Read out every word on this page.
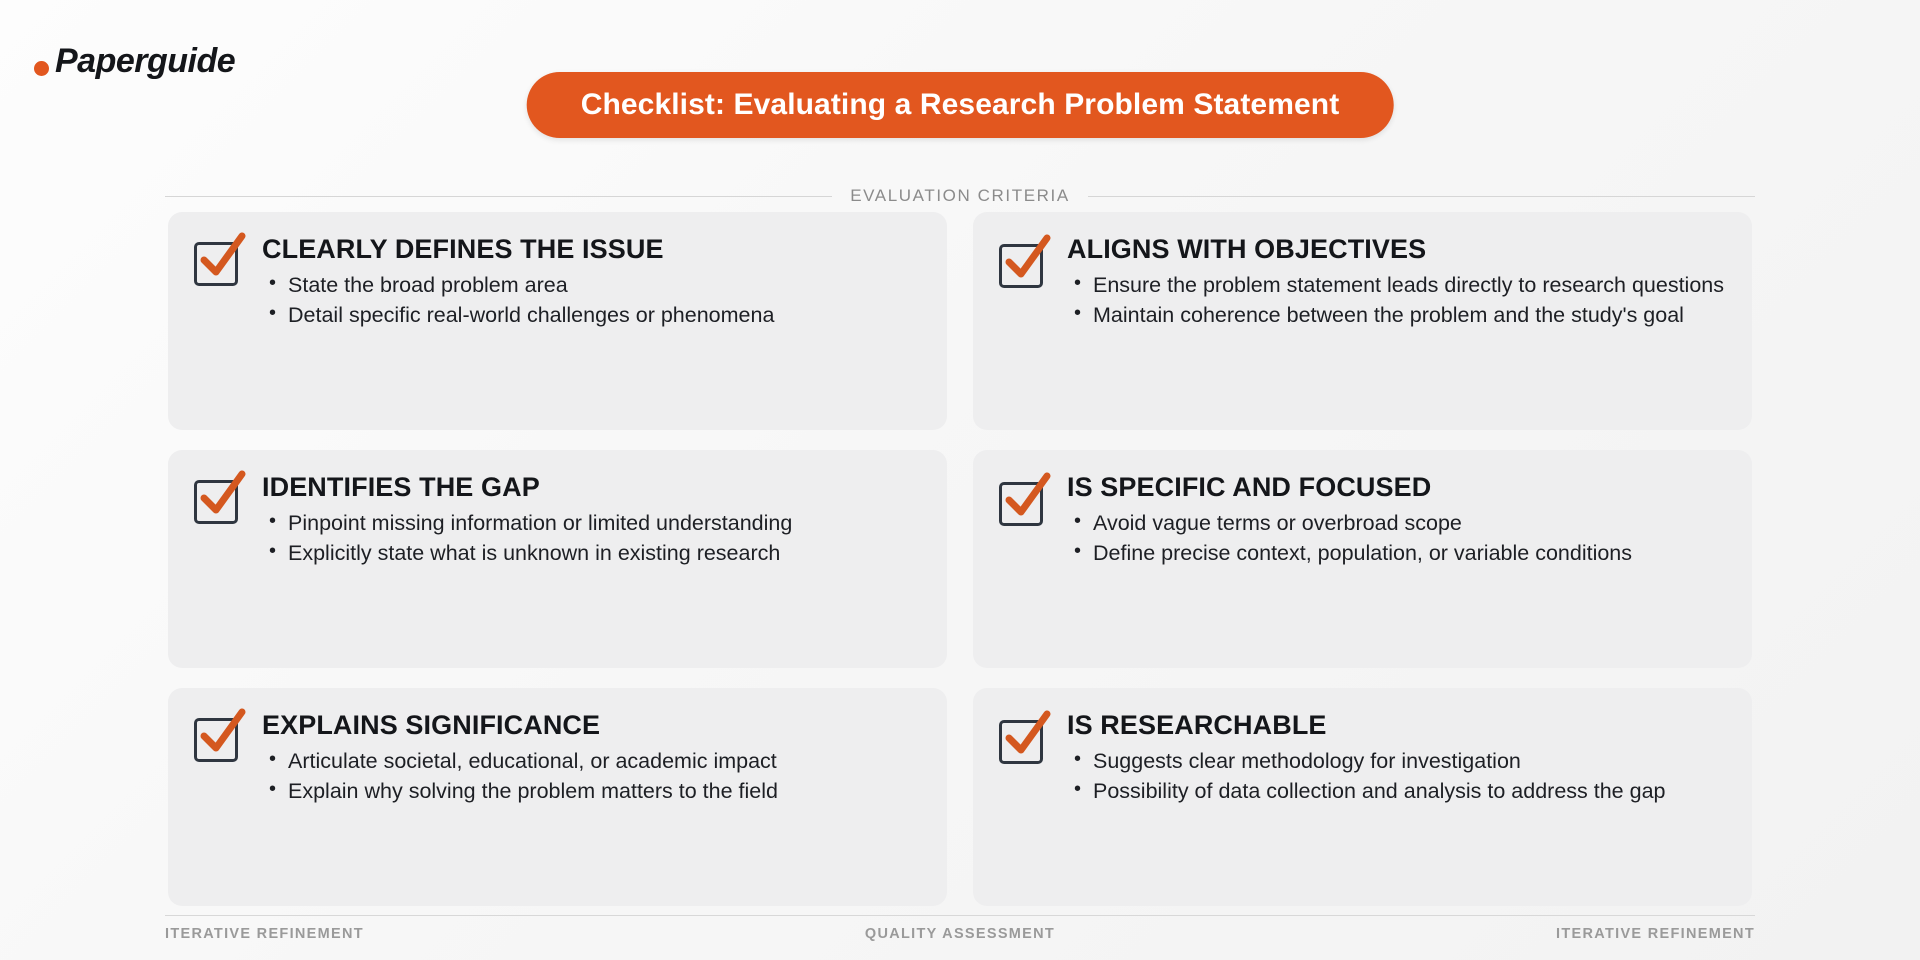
Paperguide
Checklist: Evaluating a Research Problem Statement
EVALUATION CRITERIA
CLEARLY DEFINES THE ISSUE
• State the broad problem area
• Detail specific real-world challenges or phenomena
ALIGNS WITH OBJECTIVES
• Ensure the problem statement leads directly to research questions
• Maintain coherence between the problem and the study's goal
IDENTIFIES THE GAP
• Pinpoint missing information or limited understanding
• Explicitly state what is unknown in existing research
IS SPECIFIC AND FOCUSED
• Avoid vague terms or overbroad scope
• Define precise context, population, or variable conditions
EXPLAINS SIGNIFICANCE
• Articulate societal, educational, or academic impact
• Explain why solving the problem matters to the field
IS RESEARCHABLE
• Suggests clear methodology for investigation
• Possibility of data collection and analysis to address the gap
ITERATIVE REFINEMENT	QUALITY ASSESSMENT	ITERATIVE REFINEMENT
